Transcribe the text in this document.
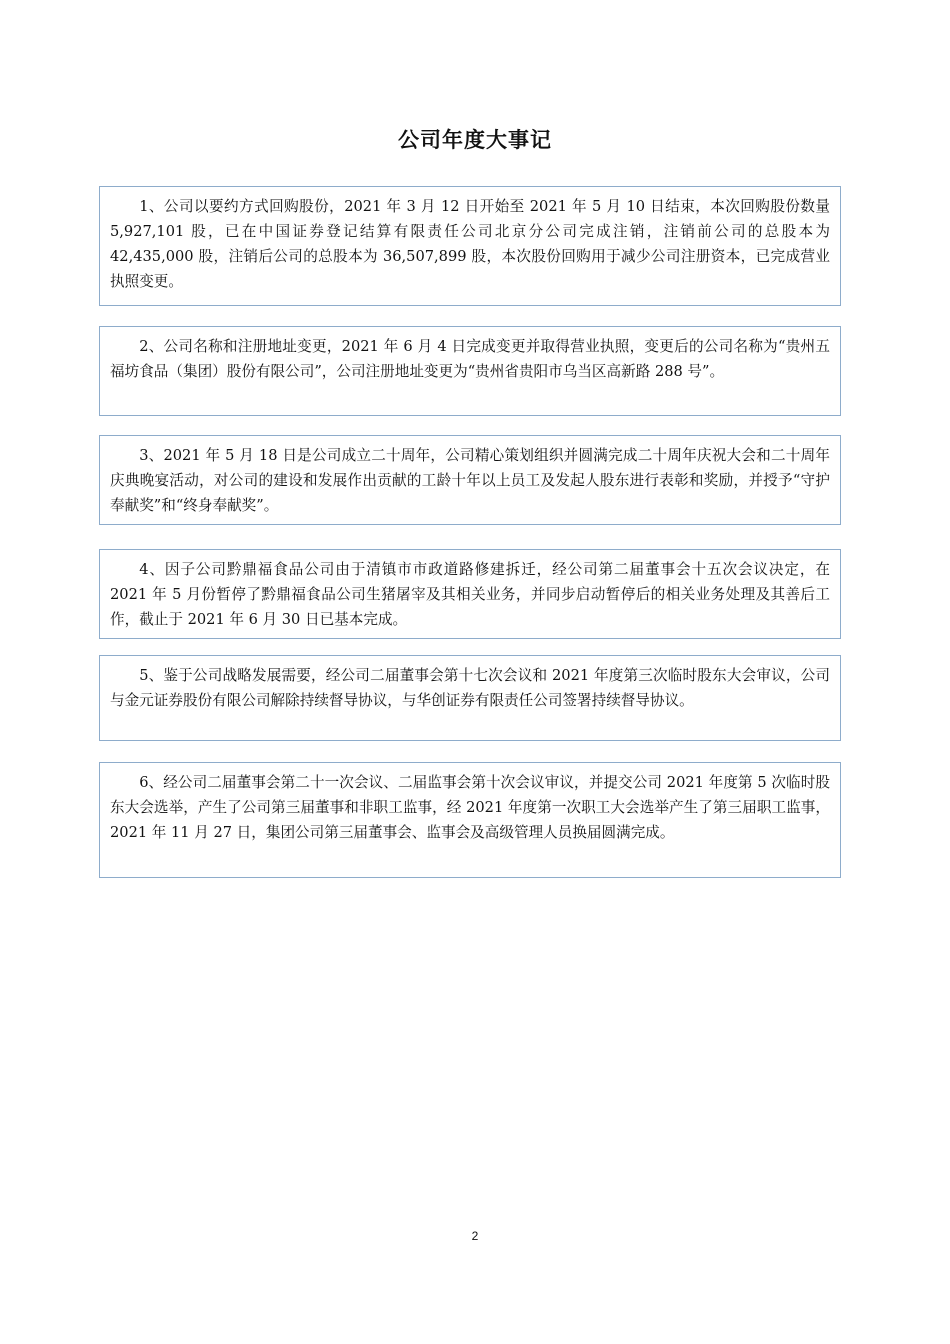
公司年度大事记

1、公司以要约方式回购股份，2021 年 3 月 12 日开始至 2021 年 5 月 10 日结束，本次回购股份数量 5,927,101 股，已在中国证券登记结算有限责任公司北京分公司完成注销，注销前公司的总股本为 42,435,000 股，注销后公司的总股本为 36,507,899 股，本次股份回购用于减少公司注册资本，已完成营业执照变更。

2、公司名称和注册地址变更，2021 年 6 月 4 日完成变更并取得营业执照，变更后的公司名称为“贵州五福坊食品（集团）股份有限公司”，公司注册地址变更为“贵州省贵阳市乌当区高新路 288 号”。

3、2021 年 5 月 18 日是公司成立二十周年，公司精心策划组织并圆满完成二十周年庆祝大会和二十周年庆典晚宴活动，对公司的建设和发展作出贡献的工龄十年以上员工及发起人股东进行表彰和奖励，并授予“守护奉献奖”和“终身奉献奖”。

4、因子公司黔鼎福食品公司由于清镇市市政道路修建拆迁，经公司第二届董事会十五次会议决定，在 2021 年 5 月份暂停了黔鼎福食品公司生猪屠宰及其相关业务，并同步启动暂停后的相关业务处理及其善后工作，截止于 2021 年 6 月 30 日已基本完成。

5、鉴于公司战略发展需要，经公司二届董事会第十七次会议和 2021 年度第三次临时股东大会审议，公司与金元证券股份有限公司解除持续督导协议，与华创证券有限责任公司签署持续督导协议。

6、经公司二届董事会第二十一次会议、二届监事会第十次会议审议，并提交公司 2021 年度第 5 次临时股东大会选举，产生了公司第三届董事和非职工监事，经 2021 年度第一次职工大会选举产生了第三届职工监事，2021 年 11 月 27 日，集团公司第三届董事会、监事会及高级管理人员换届圆满完成。

2
